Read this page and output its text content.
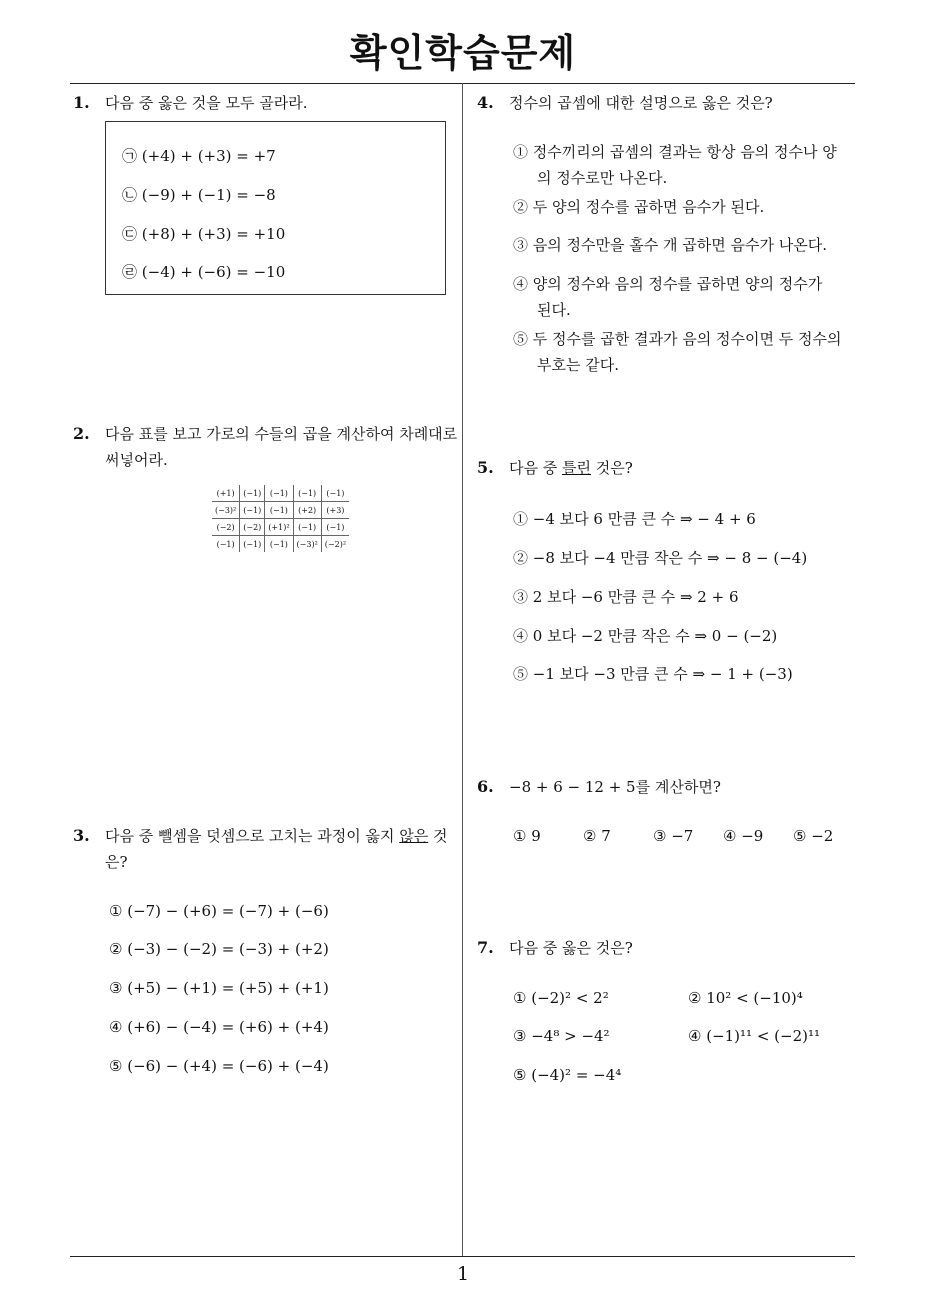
확인학습문제
1
1. 다음 중 옳은 것을 모두 골라라.
㉠ (+4) + (+3) = +7
㉡ (−9) + (−1) = −8
㉢ (+8) + (+3) = +10
㉣ (−4) + (−6) = −10
2. 다음 표를 보고 가로의 수들의 곱을 계산하여 차례대로
써넣어라.
(+1)	(−1)	(−1)	(−1)	(−1)
(−3)²	(−1)	(−1)	(+2)	(+3)
(−2)	(−2)	(+1)²	(−1)	(−1)
(−1)	(−1)	(−1)	(−3)²	(−2)²
3. 다음 중 뺄셈을 덧셈으로 고치는 과정이 옳지 않은 것
은?
① (−7) − (+6) = (−7) + (−6)
② (−3) − (−2) = (−3) + (+2)
③ (+5) − (+1) = (+5) + (+1)
④ (+6) − (−4) = (+6) + (+4)
⑤ (−6) − (+4) = (−6) + (−4)
4. 정수의 곱셈에 대한 설명으로 옳은 것은?
① 정수끼리의 곱셈의 결과는 항상 음의 정수나 양
의 정수로만 나온다.
② 두 양의 정수를 곱하면 음수가 된다.
③ 음의 정수만을 홀수 개 곱하면 음수가 나온다.
④ 양의 정수와 음의 정수를 곱하면 양의 정수가
된다.
⑤ 두 정수를 곱한 결과가 음의 정수이면 두 정수의
부호는 같다.
5. 다음 중 틀린 것은?
① −4 보다 6 만큼 큰 수 ⇒ − 4 + 6
② −8 보다 −4 만큼 작은 수 ⇒ − 8 − (−4)
③ 2 보다 −6 만큼 큰 수 ⇒ 2 + 6
④ 0 보다 −2 만큼 작은 수 ⇒ 0 − (−2)
⑤ −1 보다 −3 만큼 큰 수 ⇒ − 1 + (−3)
6. −8 + 6 − 12 + 5를 계산하면?
① 9	② 7	③ −7 ④ −9 ⑤ −2
7. 다음 중 옳은 것은?
① (−2)² < 2²	② 10² < (−10)⁴
③ −4⁸ > −4²	④ (−1)¹¹ < (−2)¹¹
⑤ (−4)² = −4⁴
